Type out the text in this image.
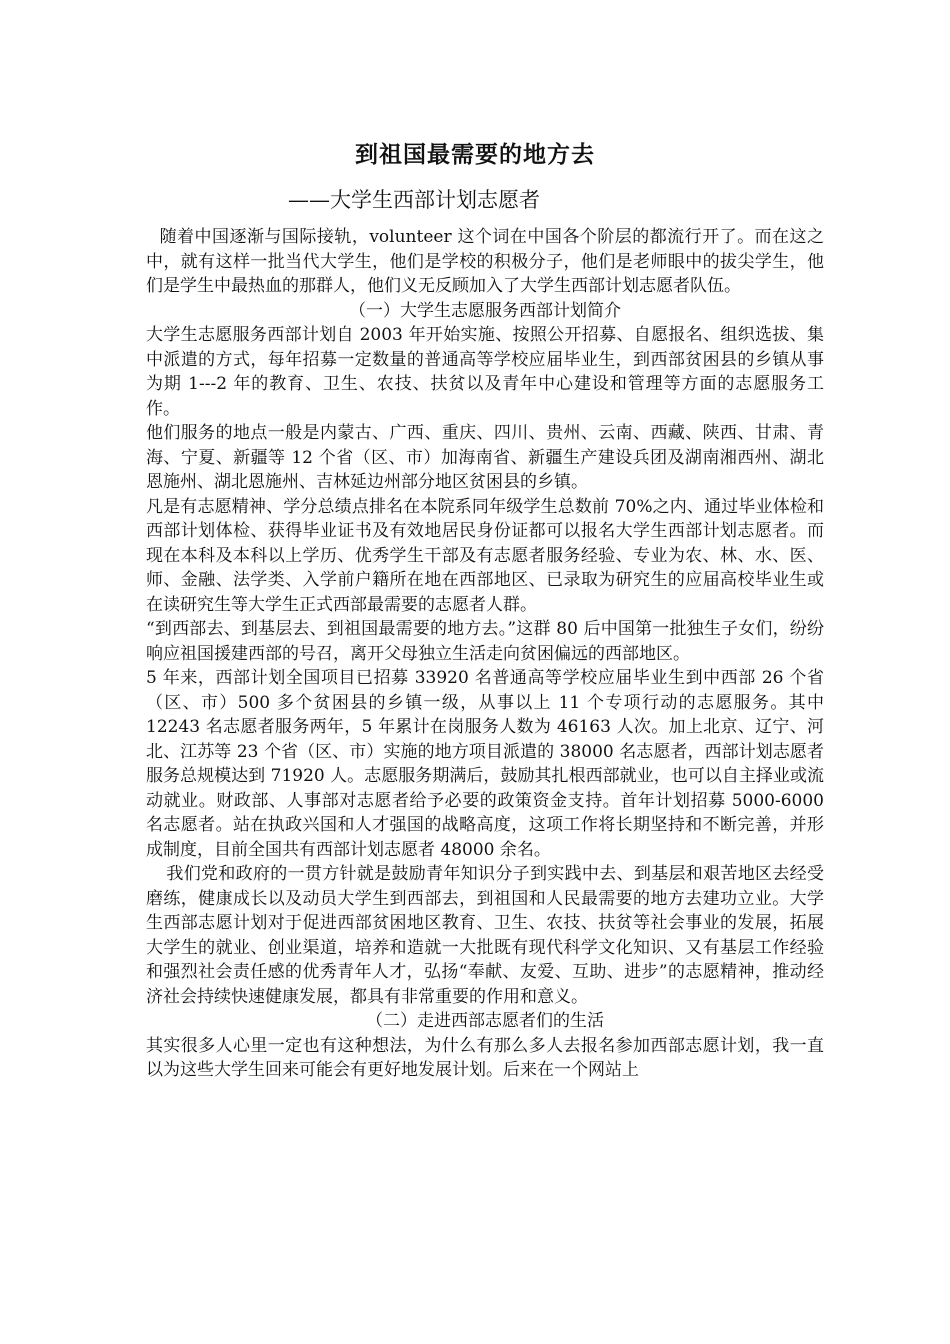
到祖国最需要的地方去
——大学生西部计划志愿者

随着中国逐渐与国际接轨，volunteer 这个词在中国各个阶层的都流行开了。而在这之中，就有这样一批当代大学生，他们是学校的积极分子，他们是老师眼中的拔尖学生，他们是学生中最热血的那群人，他们义无反顾加入了大学生西部计划志愿者队伍。

（一）大学生志愿服务西部计划简介

大学生志愿服务西部计划自 2003 年开始实施、按照公开招募、自愿报名、组织选拔、集中派遣的方式，每年招募一定数量的普通高等学校应届毕业生，到西部贫困县的乡镇从事为期 1---2 年的教育、卫生、农技、扶贫以及青年中心建设和管理等方面的志愿服务工作。

他们服务的地点一般是内蒙古、广西、重庆、四川、贵州、云南、西藏、陕西、甘肃、青海、宁夏、新疆等 12 个省（区、市）加海南省、新疆生产建设兵团及湖南湘西州、湖北恩施州、湖北恩施州、吉林延边州部分地区贫困县的乡镇。

凡是有志愿精神、学分总绩点排名在本院系同年级学生总数前 70%之内、通过毕业体检和西部计划体检、获得毕业证书及有效地居民身份证都可以报名大学生西部计划志愿者。而现在本科及本科以上学历、优秀学生干部及有志愿者服务经验、专业为农、林、水、医、师、金融、法学类、入学前户籍所在地在西部地区、已录取为研究生的应届高校毕业生或在读研究生等大学生正式西部最需要的志愿者人群。

“到西部去、到基层去、到祖国最需要的地方去。”这群 80 后中国第一批独生子女们，纷纷响应祖国援建西部的号召，离开父母独立生活走向贫困偏远的西部地区。

5 年来，西部计划全国项目已招募 33920 名普通高等学校应届毕业生到中西部 26 个省（区、市）500 多个贫困县的乡镇一级，从事以上 11 个专项行动的志愿服务。其中 12243 名志愿者服务两年，5 年累计在岗服务人数为 46163 人次。加上北京、辽宁、河北、江苏等 23 个省（区、市）实施的地方项目派遣的 38000 名志愿者，西部计划志愿者服务总规模达到 71920 人。志愿服务期满后，鼓励其扎根西部就业，也可以自主择业或流动就业。财政部、人事部对志愿者给予必要的政策资金支持。首年计划招募 5000-6000 名志愿者。站在执政兴国和人才强国的战略高度，这项工作将长期坚持和不断完善，并形成制度，目前全国共有西部计划志愿者 48000 余名。

我们党和政府的一贯方针就是鼓励青年知识分子到实践中去、到基层和艰苦地区去经受磨练，健康成长以及动员大学生到西部去，到祖国和人民最需要的地方去建功立业。大学生西部志愿计划对于促进西部贫困地区教育、卫生、农技、扶贫等社会事业的发展，拓展大学生的就业、创业渠道，培养和造就一大批既有现代科学文化知识、又有基层工作经验和强烈社会责任感的优秀青年人才，弘扬“奉献、友爱、互助、进步”的志愿精神，推动经济社会持续快速健康发展，都具有非常重要的作用和意义。

（二）走进西部志愿者们的生活

其实很多人心里一定也有这种想法，为什么有那么多人去报名参加西部志愿计划，我一直以为这些大学生回来可能会有更好地发展计划。后来在一个网站上
